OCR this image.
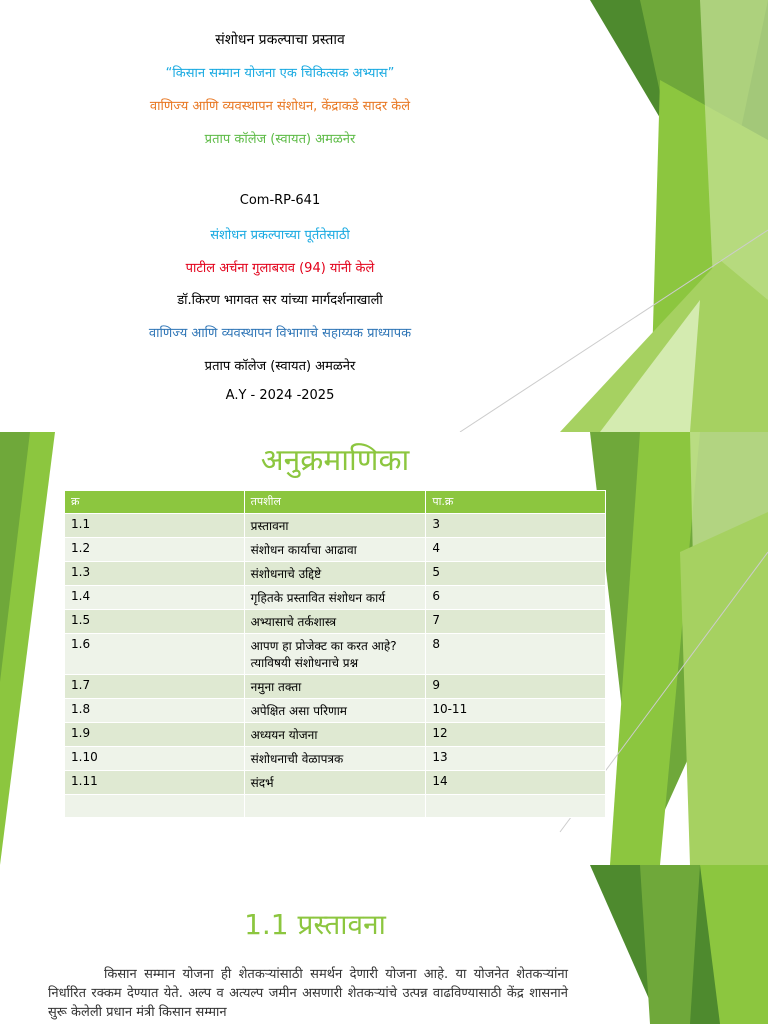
संशोधन प्रकल्पाचा प्रस्ताव
“किसान सम्मान योजना एक चिकित्सक अभ्यास”
वाणिज्य आणि व्यवस्थापन संशोधन, केंद्राकडे सादर केले
प्रताप कॉलेज (स्वायत) अमळनेर
Com-RP-641
संशोधन प्रकल्पाच्या पूर्ततेसाठी
पाटील अर्चना गुलाबराव (94) यांनी केले
डॉ.किरण भागवत सर यांच्या मार्गदर्शनाखाली
वाणिज्य आणि व्यवस्थापन विभागाचे सहाय्यक प्राध्यापक
प्रताप कॉलेज (स्वायत) अमळनेर
A.Y - 2024 -2025
अनुक्रमाणिका
क्र	तपशील	पा.क्र
1.1	प्रस्तावना	3
1.2	संशोधन कार्याचा आढावा	4
1.3	संशोधनाचे उद्दिष्टे	5
1.4	गृहितके प्रस्तावित संशोधन कार्य	6
1.5	अभ्यासाचे तर्कशास्त्र	7
1.6	आपण हा प्रोजेक्ट का करत आहे? त्याविषयी संशोधनाचे प्रश्न	8
1.7	नमुना तक्ता	9
1.8	अपेक्षित असा परिणाम	10-11
1.9	अध्ययन योजना	12
1.10	संशोधनाची वेळापत्रक	13
1.11	संदर्भ	14

1.1 प्रस्तावना
किसान सम्मान योजना ही शेतकऱ्यांसाठी समर्थन देणारी योजना आहे. या योजनेत शेतकऱ्यांना निर्धारित रक्कम देण्यात येते. अल्प व अत्यल्प जमीन असणारी शेतकऱ्यांचे उत्पन्न वाढविण्यासाठी केंद्र शासनाने सुरू केलेली प्रधान मंत्री किसान सम्मान
